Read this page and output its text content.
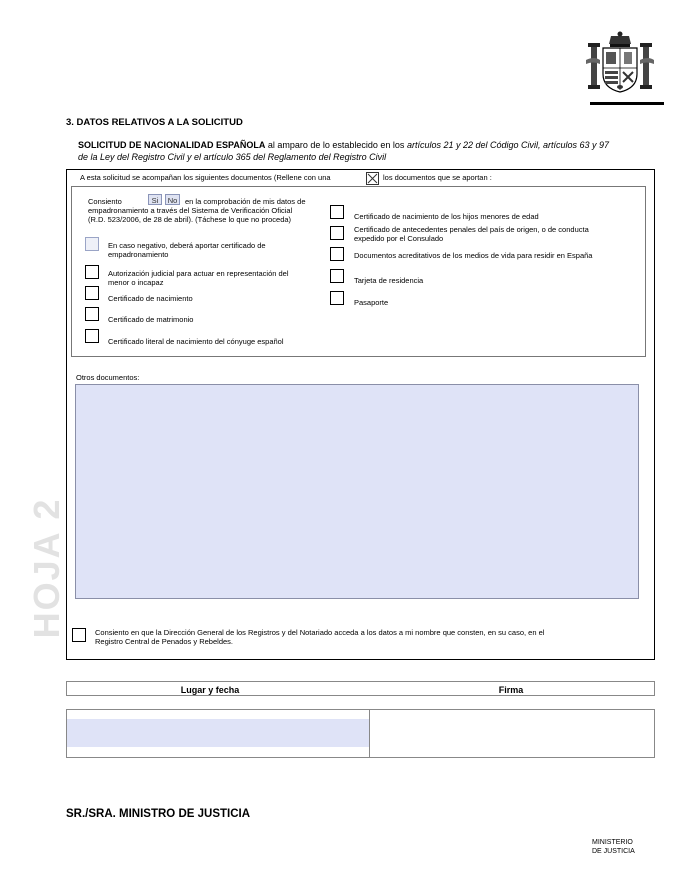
3. DATOS RELATIVOS A LA SOLICITUD
SOLICITUD DE NACIONALIDAD ESPAÑOLA al amparo de lo establecido en los artículos 21 y 22 del Código Civil, artículos 63 y 97
de la Ley del Registro Civil y el artículo 365 del Reglamento del Registro Civil
A esta solicitud se acompañan los siguientes documentos (Rellene con una	los documentos que se aportan :
Consiento	Si	No	en la comprobación de mis datos de
empadronamiento a través del Sistema de Verificación Oficial
(R.D. 523/2006, de 28 de abril). (Táchese lo que no proceda)
En caso negativo, deberá aportar certificado de
empadronamiento
Autorización judicial para actuar en representación del
menor o incapaz
Certificado de nacimiento
Certificado de matrimonio
Certificado literal de nacimiento del cónyuge español
Certificado de nacimiento de los hijos menores de edad
Certificado de antecedentes penales del país de origen, o de conducta
expedido por el Consulado
Documentos acreditativos de los medios de vida para residir en España
Tarjeta de residencia
Pasaporte
Otros documentos:
Consiento en que la Dirección General de los Registros y del Notariado acceda a los datos a mi nombre que consten, en su caso, en el
Registro Central de Penados y Rebeldes.
HOJA 2
Lugar y fecha	Firma
SR./SRA. MINISTRO DE JUSTICIA
MINISTERIO
DE JUSTICIA
